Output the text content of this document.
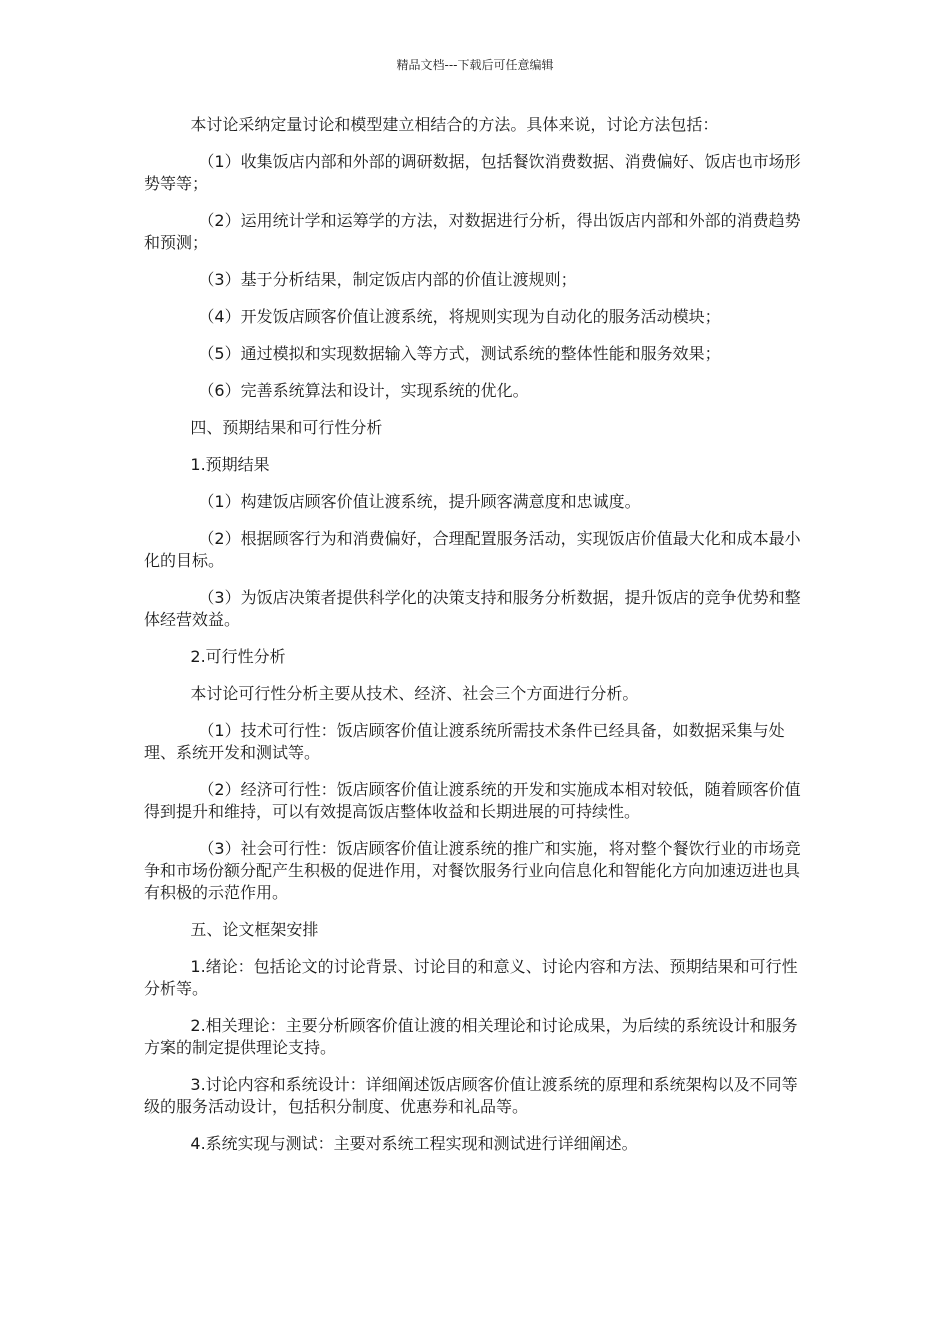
精品文档---下载后可任意编辑

本讨论采纳定量讨论和模型建立相结合的方法。具体来说，讨论方法包括：

（1）收集饭店内部和外部的调研数据，包括餐饮消费数据、消费偏好、饭店也市场形势等等；

（2）运用统计学和运筹学的方法，对数据进行分析，得出饭店内部和外部的消费趋势和预测；

（3）基于分析结果，制定饭店内部的价值让渡规则；

（4）开发饭店顾客价值让渡系统，将规则实现为自动化的服务活动模块；

（5）通过模拟和实现数据输入等方式，测试系统的整体性能和服务效果；

（6）完善系统算法和设计，实现系统的优化。

四、预期结果和可行性分析

1.预期结果

（1）构建饭店顾客价值让渡系统，提升顾客满意度和忠诚度。

（2）根据顾客行为和消费偏好，合理配置服务活动，实现饭店价值最大化和成本最小化的目标。

（3）为饭店决策者提供科学化的决策支持和服务分析数据，提升饭店的竞争优势和整体经营效益。

2.可行性分析

本讨论可行性分析主要从技术、经济、社会三个方面进行分析。

（1）技术可行性：饭店顾客价值让渡系统所需技术条件已经具备，如数据采集与处理、系统开发和测试等。

（2）经济可行性：饭店顾客价值让渡系统的开发和实施成本相对较低，随着顾客价值得到提升和维持，可以有效提高饭店整体收益和长期进展的可持续性。

（3）社会可行性：饭店顾客价值让渡系统的推广和实施，将对整个餐饮行业的市场竞争和市场份额分配产生积极的促进作用，对餐饮服务行业向信息化和智能化方向加速迈进也具有积极的示范作用。

五、论文框架安排

1.绪论：包括论文的讨论背景、讨论目的和意义、讨论内容和方法、预期结果和可行性分析等。

2.相关理论：主要分析顾客价值让渡的相关理论和讨论成果，为后续的系统设计和服务方案的制定提供理论支持。

3.讨论内容和系统设计：详细阐述饭店顾客价值让渡系统的原理和系统架构以及不同等级的服务活动设计，包括积分制度、优惠券和礼品等。

4.系统实现与测试：主要对系统工程实现和测试进行详细阐述。
